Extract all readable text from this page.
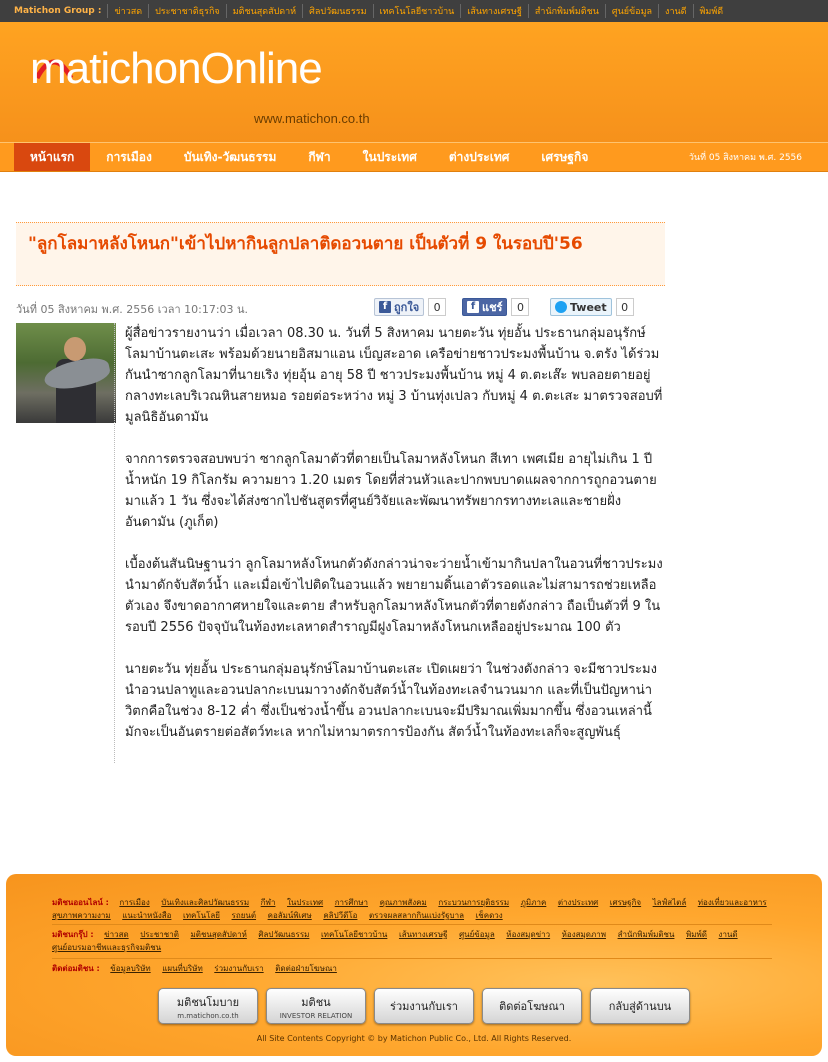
Matichon Group :	ข่าวสด	ประชาชาติธุรกิจ	มติชนสุดสัปดาห์	ศิลปวัฒนธรรม	เทคโนโลยีชาวบ้าน	เส้นทางเศรษฐี	สำนักพิมพ์มติชน	ศูนย์ข้อมูล	งานดี	พิมพ์ดี
matichonOnline
www.matichon.co.th
หน้าแรก	การเมือง	บันเทิง-วัฒนธรรม	กีฬา	ในประเทศ	ต่างประเทศ	เศรษฐกิจ	วันที่ 05 สิงหาคม พ.ศ. 2556
"ลูกโลมาหลังโหนก"เข้าไปหากินลูกปลาติดอวนตาย เป็นตัวที่ 9 ในรอบปี'56
วันที่ 05 สิงหาคม พ.ศ. 2556 เวลา 10:17:03 น.	f ถูกใจ	0	f แชร์	0	Tweet	0

ผู้สื่อข่าวรายงานว่า เมื่อเวลา 08.30 น. วันที่ 5 สิงหาคม นายตะวัน ทุ่ยอั้น ประธานกลุ่มอนุรักษ์โลมาบ้านตะเสะ พร้อมด้วยนายอิสมาแอน เบ็ญสะอาด เครือข่ายชาวประมงพื้นบ้าน จ.ตรัง ได้ร่วมกันนำซากลูกโลมาที่นายเริง ทุ่ยอุ้น อายุ 58 ปี ชาวประมงพื้นบ้าน หมู่ 4 ต.ตะเส๊ะ พบลอยตายอยู่กลางทะเลบริเวณหินสายหมอ รอยต่อระหว่าง หมู่ 3 บ้านทุ่งเปลว กับหมู่ 4 ต.ตะเสะ มาตรวจสอบที่มูลนิธิอันดามัน

จากการตรวจสอบพบว่า ซากลูกโลมาตัวที่ตายเป็นโลมาหลังโหนก สีเทา เพศเมีย อายุไม่เกิน 1 ปี น้ำหนัก 19 กิโลกรัม ความยาว 1.20 เมตร โดยที่ส่วนหัวและปากพบบาดแผลจากการถูกอวนตายมาแล้ว 1 วัน ซึ่งจะได้ส่งซากไปชันสูตรที่ศูนย์วิจัยและพัฒนาทรัพยากรทางทะเลและชายฝั่งอันดามัน (ภูเก็ต)

เบื้องต้นสันนิษฐานว่า ลูกโลมาหลังโหนกตัวดังกล่าวน่าจะว่ายน้ำเข้ามากินปลาในอวนที่ชาวประมงนำมาดักจับสัตว์น้ำ และเมื่อเข้าไปติดในอวนแล้ว พยายามดิ้นเอาตัวรอดและไม่สามารถช่วยเหลือตัวเอง จึงขาดอากาศหายใจและตาย สำหรับลูกโลมาหลังโหนกตัวที่ตายดังกล่าว ถือเป็นตัวที่ 9 ในรอบปี 2556 ปัจจุบันในท้องทะเลหาดสำราญมีฝูงโลมาหลังโหนกเหลืออยู่ประมาณ 100 ตัว

นายตะวัน ทุ่ยอั้น ประธานกลุ่มอนุรักษ์โลมาบ้านตะเสะ เปิดเผยว่า ในช่วงดังกล่าว จะมีชาวประมงนำอวนปลาทูและอวนปลากะเบนมาวางดักจับสัตว์น้ำในท้องทะเลจำนวนมาก และที่เป็นปัญหาน่าวิตกคือในช่วง 8-12 ค่ำ ซึ่งเป็นช่วงน้ำขึ้น อวนปลากะเบนจะมีปริมาณเพิ่มมากขึ้น ซึ่งอวนเหล่านี้มักจะเป็นอันตรายต่อสัตว์ทะเล หากไม่หามาตรการป้องกัน สัตว์น้ำในท้องทะเลก็จะสูญพันธุ์

มติชนออนไลน์ : การเมือง บันเทิงและศิลปวัฒนธรรม กีฬา ในประเทศ การศึกษา คุณภาพสังคม กระบวนการยุติธรรม ภูมิภาค ต่างประเทศ เศรษฐกิจ ไลฟ์สไตล์ ท่องเที่ยวและอาหาร สุขภาพความงาม แนะนำหนังสือ เทคโนโลยี รถยนต์ คอลัมน์พิเศษ คลิปวีดีโอ ตรวจผลสลากกินแบ่งรัฐบาล เช็คดวง
มติชนกรุ๊ป : ข่าวสด ประชาชาติ มติชนสุดสัปดาห์ ศิลปวัฒนธรรม เทคโนโลยีชาวบ้าน เส้นทางเศรษฐี ศูนย์ข้อมูล ห้องสมุดข่าว ห้องสมุดภาพ สำนักพิมพ์มติชน พิมพ์ดี งานดี ศูนย์อบรมอาชีพและธุรกิจมติชน
ติดต่อมติชน : ข้อมูลบริษัท แผนที่บริษัท ร่วมงานกับเรา ติดต่อฝ่ายโฆษณา
มติชนโมบาย
m.matichon.co.th
มติชน
INVESTOR RELATION
ร่วมงานกับเรา	ติดต่อโฆษณา	กลับสู่ด้านบน
All Site Contents Copyright © by Matichon Public Co., Ltd. All Rights Reserved.
